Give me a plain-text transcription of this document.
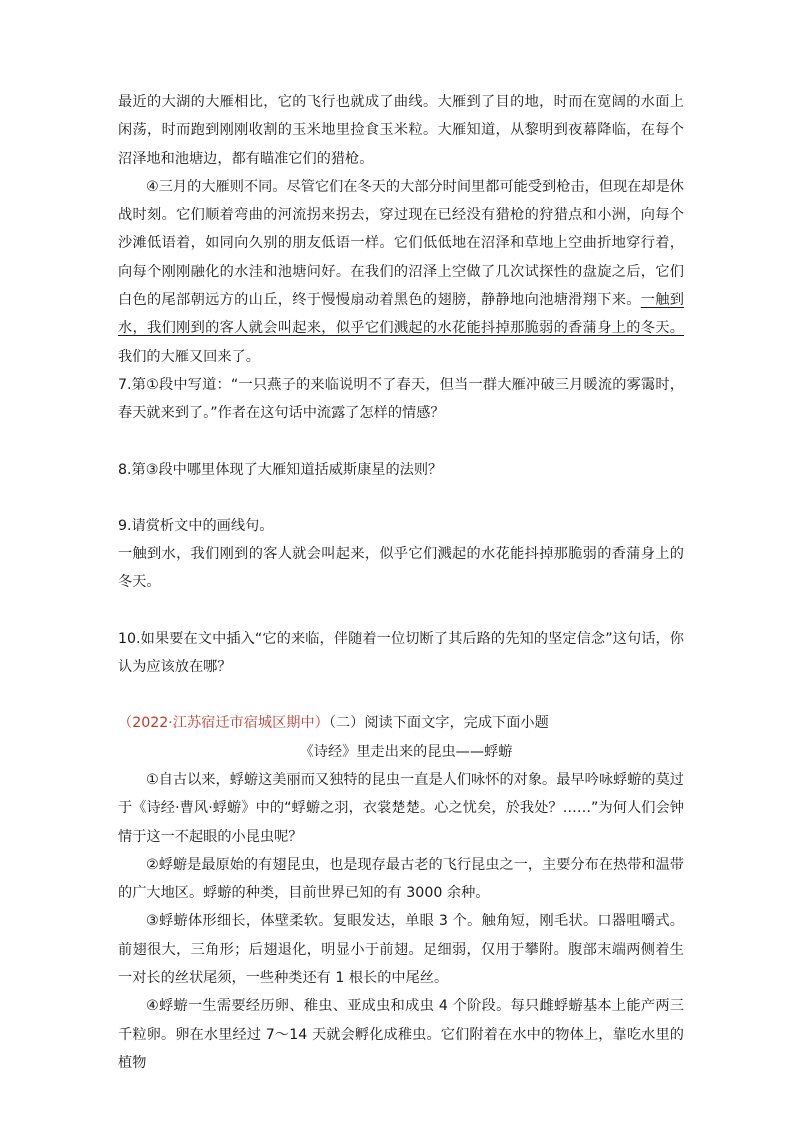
最近的大湖的大雁相比，它的飞行也就成了曲线。大雁到了目的地，时而在宽阔的水面上闲荡，时而跑到刚刚收割的玉米地里捡食玉米粒。大雁知道，从黎明到夜幕降临，在每个沼泽地和池塘边，都有瞄准它们的猎枪。

④三月的大雁则不同。尽管它们在冬天的大部分时间里都可能受到枪击，但现在却是休战时刻。它们顺着弯曲的河流拐来拐去，穿过现在已经没有猎枪的狩猎点和小洲，向每个沙滩低语着，如同向久别的朋友低语一样。它们低低地在沼泽和草地上空曲折地穿行着，向每个刚刚融化的水洼和池塘问好。在我们的沼泽上空做了几次试探性的盘旋之后，它们白色的尾部朝远方的山丘，终于慢慢扇动着黑色的翅膀，静静地向池塘滑翔下来。一触到水，我们刚到的客人就会叫起来，似乎它们溅起的水花能抖掉那脆弱的香蒲身上的冬天。我们的大雁又回来了。

7.第①段中写道：“一只燕子的来临说明不了春天，但当一群大雁冲破三月暖流的雾霭时，春天就来到了。”作者在这句话中流露了怎样的情感？

8.第③段中哪里体现了大雁知道括威斯康星的法则？

9.请赏析文中的画线句。

一触到水，我们刚到的客人就会叫起来，似乎它们溅起的水花能抖掉那脆弱的香蒲身上的冬天。

10.如果要在文中插入“它的来临，伴随着一位切断了其后路的先知的坚定信念”这句话，你认为应该放在哪？

（2022·江苏宿迁市宿城区期中）（二）阅读下面文字，完成下面小题

《诗经》里走出来的昆虫——蜉蝣

①自古以来，蜉蝣这美丽而又独特的昆虫一直是人们咏怀的对象。最早吟咏蜉蝣的莫过于《诗经·曹风·蜉蝣》中的“蜉蝣之羽，衣裳楚楚。心之忧矣，於我处？……”为何人们会钟情于这一不起眼的小昆虫呢？

②蜉蝣是最原始的有翅昆虫，也是现存最古老的飞行昆虫之一，主要分布在热带和温带的广大地区。蜉蝣的种类，目前世界已知的有 3000 余种。

③蜉蝣体形细长，体壁柔软。复眼发达，单眼 3 个。触角短，刚毛状。口器咀嚼式。前翅很大，三角形；后翅退化，明显小于前翅。足细弱，仅用于攀附。腹部末端两侧着生一对长的丝状尾须，一些种类还有 1 根长的中尾丝。

④蜉蝣一生需要经历卵、稚虫、亚成虫和成虫 4 个阶段。每只雌蜉蝣基本上能产两三千粒卵。卵在水里经过 7～14 天就会孵化成稚虫。它们附着在水中的物体上，靠吃水里的植物
